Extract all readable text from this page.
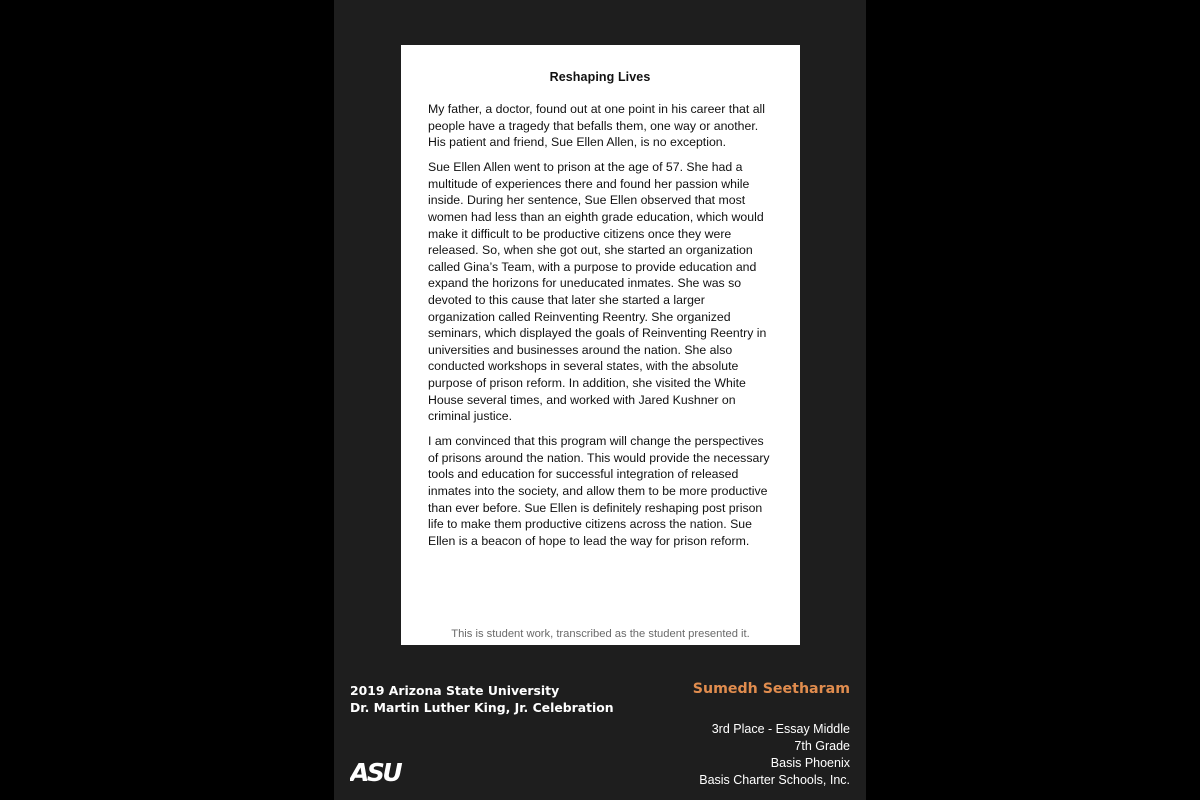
Reshaping Lives

My father, a doctor, found out at one point in his career that all people have a tragedy that befalls them, one way or another. His patient and friend, Sue Ellen Allen, is no exception.

Sue Ellen Allen went to prison at the age of 57. She had a multitude of experiences there and found her passion while inside. During her sentence, Sue Ellen observed that most women had less than an eighth grade education, which would make it difficult to be productive citizens once they were released. So, when she got out, she started an organization called Gina’s Team, with a purpose to provide education and expand the horizons for uneducated inmates. She was so devoted to this cause that later she started a larger organization called Reinventing Reentry. She organized seminars, which displayed the goals of Reinventing Reentry in universities and businesses around the nation. She also conducted workshops in several states, with the absolute purpose of prison reform. In addition, she visited the White House several times, and worked with Jared Kushner on criminal justice.

I am convinced that this program will change the perspectives of prisons around the nation. This would provide the necessary tools and education for successful integration of released inmates into the society, and allow them to be more productive than ever before. Sue Ellen is definitely reshaping post prison life to make them productive citizens across the nation. Sue Ellen is a beacon of hope to lead the way for prison reform.

This is student work, transcribed as the student presented it.
2019 Arizona State University
Dr. Martin Luther King, Jr. Celebration
ASU
Sumedh Seetharam
3rd Place - Essay Middle
7th Grade
Basis Phoenix
Basis Charter Schools, Inc.
